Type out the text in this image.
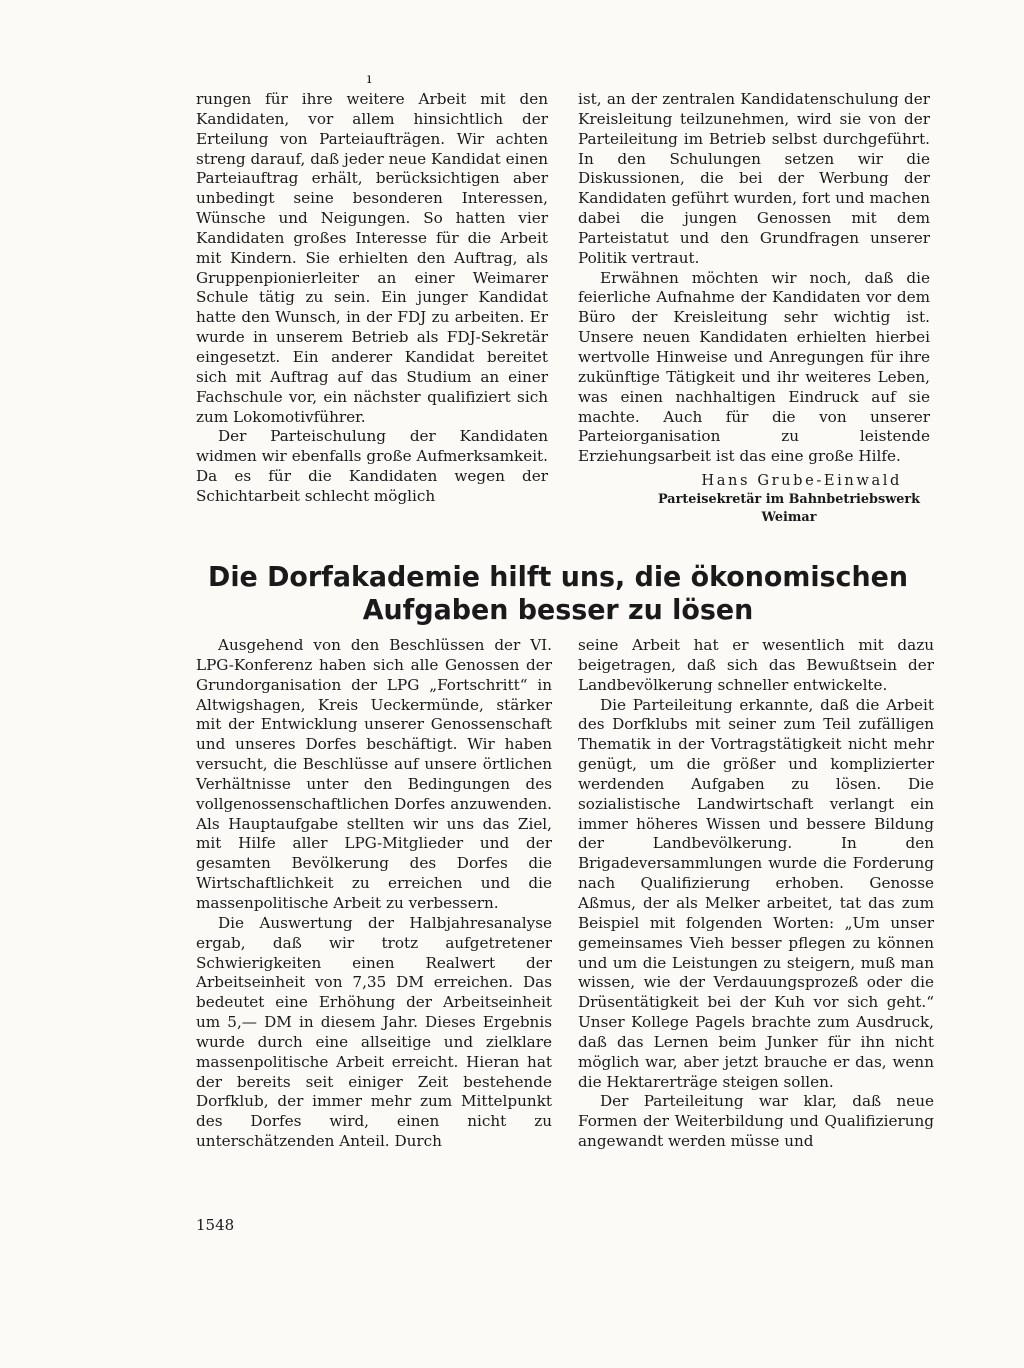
ı

rungen für ihre weitere Arbeit mit den Kandidaten, vor allem hinsichtlich der Erteilung von Parteiaufträgen. Wir achten streng darauf, daß jeder neue Kandidat einen Parteiauftrag erhält, berücksichtigen aber unbedingt seine besonderen Interessen, Wünsche und Neigungen. So hatten vier Kandidaten großes Interesse für die Arbeit mit Kindern. Sie erhielten den Auftrag, als Gruppenpionierleiter an einer Weimarer Schule tätig zu sein. Ein junger Kandidat hatte den Wunsch, in der FDJ zu arbeiten. Er wurde in unserem Betrieb als FDJ-Sekretär eingesetzt. Ein anderer Kandidat bereitet sich mit Auftrag auf das Studium an einer Fachschule vor, ein nächster qualifiziert sich zum Lokomotivführer.

Der Parteischulung der Kandidaten widmen wir ebenfalls große Aufmerksamkeit. Da es für die Kandidaten wegen der Schichtarbeit schlecht möglich

ist, an der zentralen Kandidatenschulung der Kreisleitung teilzunehmen, wird sie von der Parteileitung im Betrieb selbst durchgeführt. In den Schulungen setzen wir die Diskussionen, die bei der Werbung der Kandidaten geführt wurden, fort und machen dabei die jungen Genossen mit dem Parteistatut und den Grundfragen unserer Politik vertraut.

Erwähnen möchten wir noch, daß die feierliche Aufnahme der Kandidaten vor dem Büro der Kreisleitung sehr wichtig ist. Unsere neuen Kandidaten erhielten hierbei wertvolle Hinweise und Anregungen für ihre zukünftige Tätigkeit und ihr weiteres Leben, was einen nachhaltigen Eindruck auf sie machte. Auch für die von unserer Parteiorganisation zu leistende Erziehungsarbeit ist das eine große Hilfe.

Hans Grube-Einwald
Parteisekretär im Bahnbetriebswerk
Weimar
Die Dorfakademie hilft uns, die ökonomischen
Aufgaben besser zu lösen

Ausgehend von den Beschlüssen der VI. LPG-Konferenz haben sich alle Genossen der Grundorganisation der LPG „Fortschritt“ in Altwigshagen, Kreis Ueckermünde, stärker mit der Entwicklung unserer Genossenschaft und unseres Dorfes beschäftigt. Wir haben versucht, die Beschlüsse auf unsere örtlichen Verhältnisse unter den Bedingungen des vollgenossenschaftlichen Dorfes anzuwenden. Als Hauptaufgabe stellten wir uns das Ziel, mit Hilfe aller LPG-Mitglieder und der gesamten Bevölkerung des Dorfes die Wirtschaftlichkeit zu erreichen und die massenpolitische Arbeit zu verbessern.

Die Auswertung der Halbjahresanalyse ergab, daß wir trotz aufgetretener Schwierigkeiten einen Realwert der Arbeitseinheit von 7,35 DM erreichen. Das bedeutet eine Erhöhung der Arbeitseinheit um 5,— DM in diesem Jahr. Dieses Ergebnis wurde durch eine allseitige und zielklare massenpolitische Arbeit erreicht. Hieran hat der bereits seit einiger Zeit bestehende Dorfklub, der immer mehr zum Mittelpunkt des Dorfes wird, einen nicht zu unterschätzenden Anteil. Durch

seine Arbeit hat er wesentlich mit dazu beigetragen, daß sich das Bewußtsein der Landbevölkerung schneller entwickelte.

Die Parteileitung erkannte, daß die Arbeit des Dorfklubs mit seiner zum Teil zufälligen Thematik in der Vortragstätigkeit nicht mehr genügt, um die größer und komplizierter werdenden Aufgaben zu lösen. Die sozialistische Landwirtschaft verlangt ein immer höheres Wissen und bessere Bildung der Landbevölkerung. In den Brigadeversammlungen wurde die Forderung nach Qualifizierung erhoben. Genosse Aßmus, der als Melker arbeitet, tat das zum Beispiel mit folgenden Worten: „Um unser gemeinsames Vieh besser pflegen zu können und um die Leistungen zu steigern, muß man wissen, wie der Verdauungsprozeß oder die Drüsentätigkeit bei der Kuh vor sich geht.“ Unser Kollege Pagels brachte zum Ausdruck, daß das Lernen beim Junker für ihn nicht möglich war, aber jetzt brauche er das, wenn die Hektarerträge steigen sollen.

Der Parteileitung war klar, daß neue Formen der Weiterbildung und Qualifizierung angewandt werden müsse und

1548
